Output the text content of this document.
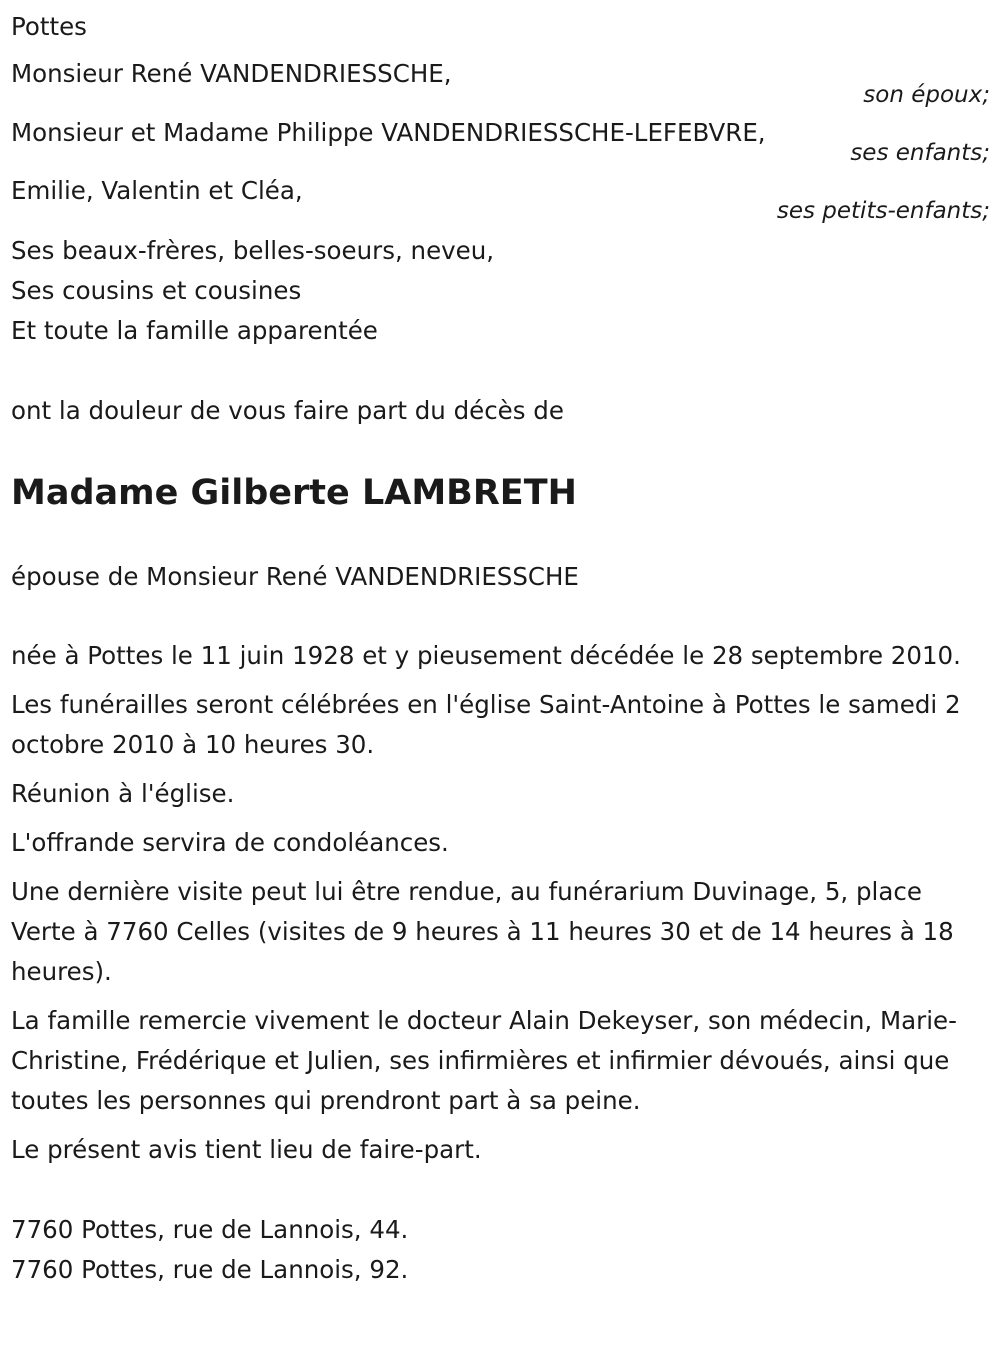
Pottes

Monsieur René VANDENDRIESSCHE,

son époux;

Monsieur et Madame Philippe VANDENDRIESSCHE-LEFEBVRE,

ses enfants;

Emilie, Valentin et Cléa,

ses petits-enfants;

Ses beaux-frères, belles-soeurs, neveu,

Ses cousins et cousines

Et toute la famille apparentée

ont la douleur de vous faire part du décès de

Madame Gilberte LAMBRETH

épouse de Monsieur René VANDENDRIESSCHE

née à Pottes le 11 juin 1928 et y pieusement décédée le 28 septembre 2010.

Les funérailles seront célébrées en l'église Saint-Antoine à Pottes le samedi 2 octobre 2010 à 10 heures 30.

Réunion à l'église.

L'offrande servira de condoléances.

Une dernière visite peut lui être rendue, au funérarium Duvinage, 5, place Verte à 7760 Celles (visites de 9 heures à 11 heures 30 et de 14 heures à 18 heures).

La famille remercie vivement le docteur Alain Dekeyser, son médecin, Marie-Christine, Frédérique et Julien, ses infirmières et infirmier dévoués, ainsi que toutes les personnes qui prendront part à sa peine.

Le présent avis tient lieu de faire-part.

7760 Pottes, rue de Lannois, 44.

7760 Pottes, rue de Lannois, 92.
